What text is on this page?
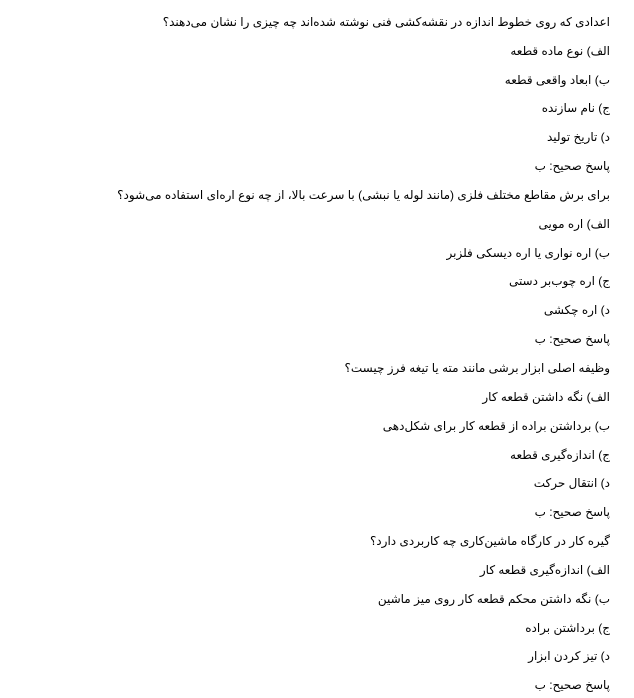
اعدادی که روی خطوط اندازه در نقشه‌کشی فنی نوشته شده‌اند چه چیزی را نشان می‌دهند؟
الف) نوع ماده قطعه
ب) ابعاد واقعی قطعه
ج) نام سازنده
د) تاریخ تولید
پاسخ صحیح: ب
برای برش مقاطع مختلف فلزی (مانند لوله یا نبشی) با سرعت بالا، از چه نوع اره‌ای استفاده می‌شود؟
الف) اره مویی
ب) اره نواری یا اره دیسکی فلزبر
ج) اره چوب‌بر دستی
د) اره چکشی
پاسخ صحیح: ب
وظیفه اصلی ابزار برشی مانند مته یا تیغه فرز چیست؟
الف) نگه داشتن قطعه کار
ب) برداشتن براده از قطعه کار برای شکل‌دهی
ج) اندازه‌گیری قطعه
د) انتقال حرکت
پاسخ صحیح: ب
گیره کار در کارگاه ماشین‌کاری چه کاربردی دارد؟
الف) اندازه‌گیری قطعه کار
ب) نگه داشتن محکم قطعه کار روی میز ماشین
ج) برداشتن براده
د) تیز کردن ابزار
پاسخ صحیح: ب
